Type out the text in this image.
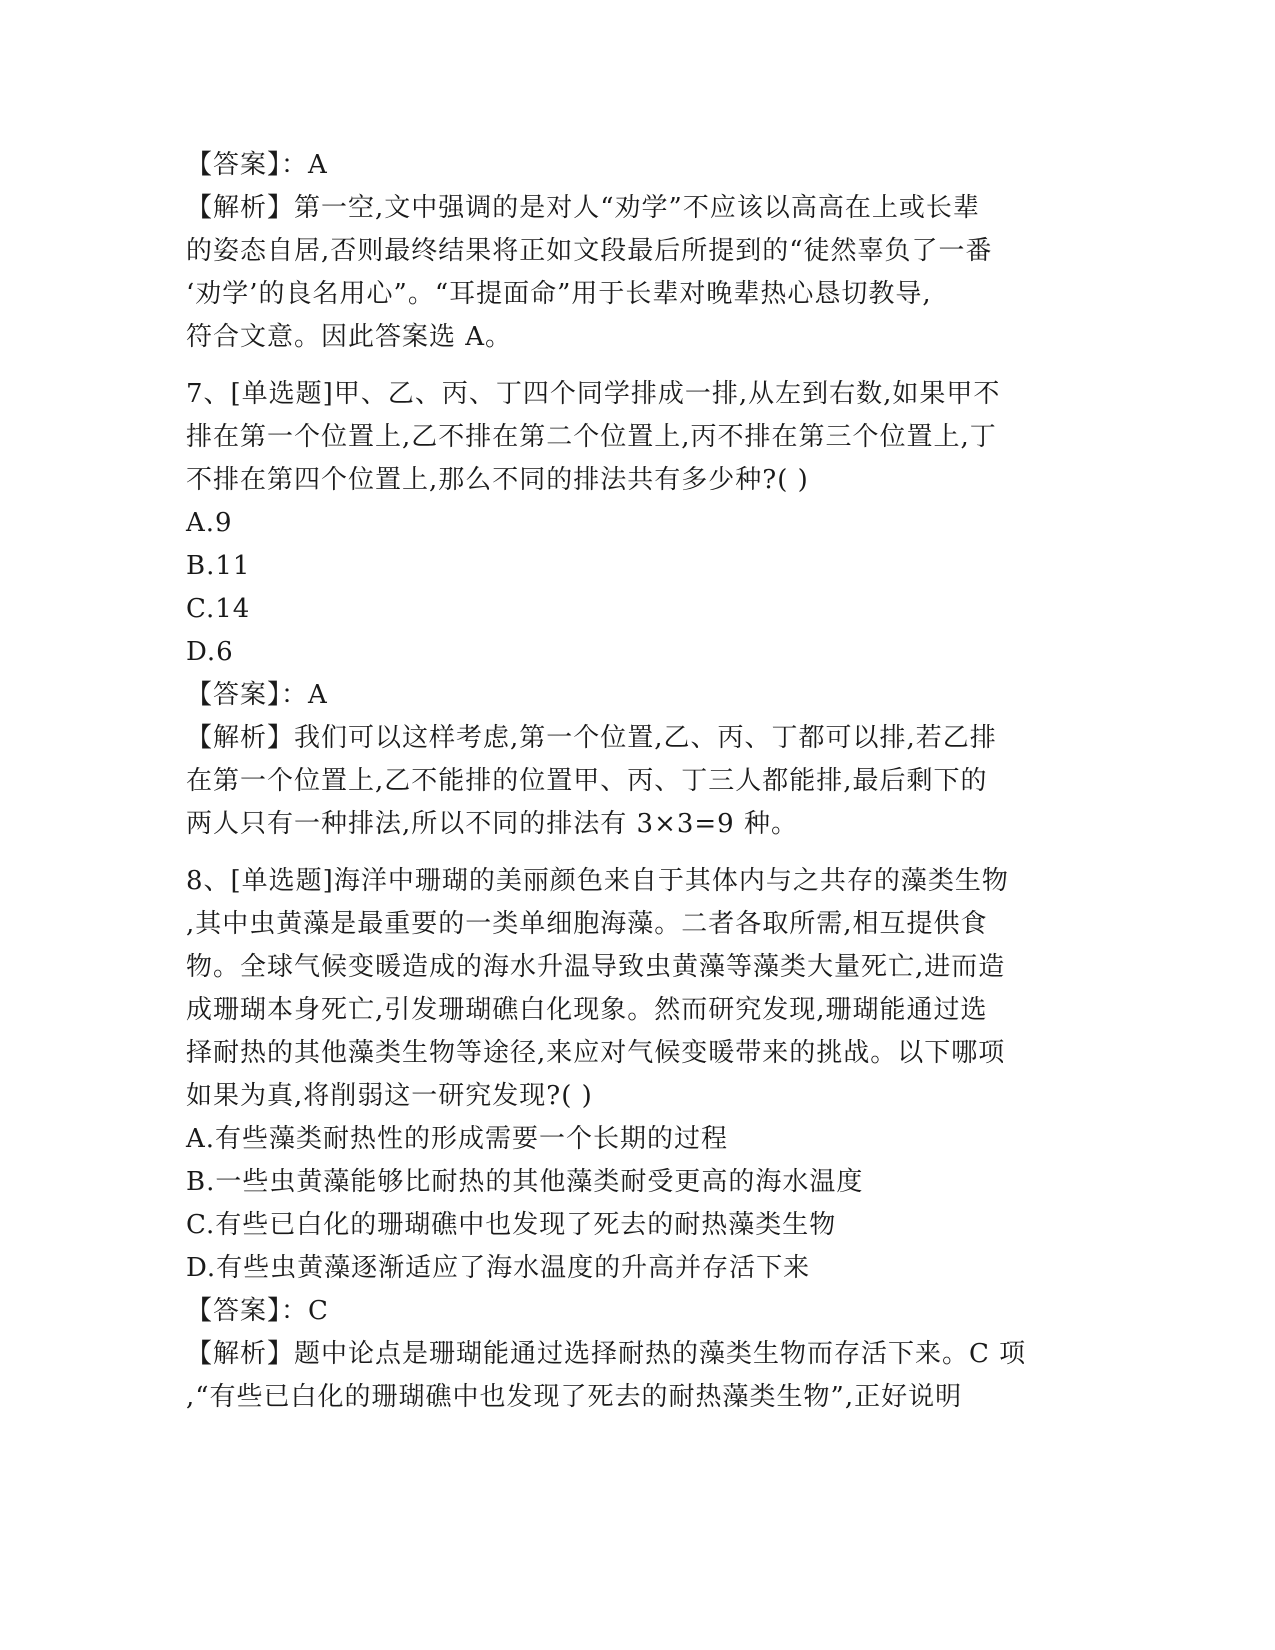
【答案】：A
【解析】第一空,文中强调的是对人“劝学”不应该以高高在上或长辈
的姿态自居,否则最终结果将正如文段最后所提到的“徒然辜负了一番
‘劝学’的良名用心”。“耳提面命”用于长辈对晚辈热心恳切教导,
符合文意。因此答案选 A。
7、[单选题]甲、乙、丙、丁四个同学排成一排,从左到右数,如果甲不
排在第一个位置上,乙不排在第二个位置上,丙不排在第三个位置上,丁
不排在第四个位置上,那么不同的排法共有多少种?( )
A.9
B.11
C.14
D.6
【答案】：A
【解析】我们可以这样考虑,第一个位置,乙、丙、丁都可以排,若乙排
在第一个位置上,乙不能排的位置甲、丙、丁三人都能排,最后剩下的
两人只有一种排法,所以不同的排法有 3×3=9 种。
8、[单选题]海洋中珊瑚的美丽颜色来自于其体内与之共存的藻类生物
,其中虫黄藻是最重要的一类单细胞海藻。二者各取所需,相互提供食
物。全球气候变暖造成的海水升温导致虫黄藻等藻类大量死亡,进而造
成珊瑚本身死亡,引发珊瑚礁白化现象。然而研究发现,珊瑚能通过选
择耐热的其他藻类生物等途径,来应对气候变暖带来的挑战。以下哪项
如果为真,将削弱这一研究发现?( )
A.有些藻类耐热性的形成需要一个长期的过程
B.一些虫黄藻能够比耐热的其他藻类耐受更高的海水温度
C.有些已白化的珊瑚礁中也发现了死去的耐热藻类生物
D.有些虫黄藻逐渐适应了海水温度的升高并存活下来
【答案】：C
【解析】题中论点是珊瑚能通过选择耐热的藻类生物而存活下来。C 项
,“有些已白化的珊瑚礁中也发现了死去的耐热藻类生物”,正好说明
